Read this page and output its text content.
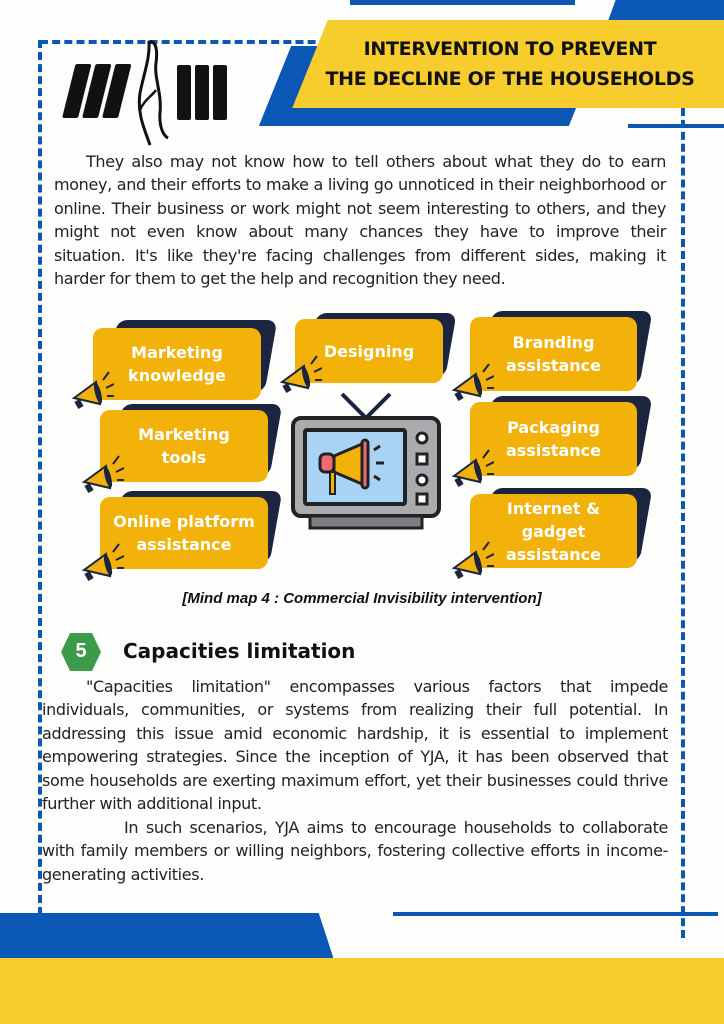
INTERVENTION TO PREVENT
THE DECLINE OF THE HOUSEHOLDS
They also may not know how to tell others about what they do to earn money, and their efforts to make a living go unnoticed in their neighborhood or online. Their business or work might not seem interesting to others, and they might not even know about many chances they have to improve their situation. It's like they're facing challenges from different sides, making it harder for them to get the help and recognition they need.
Marketing knowledge
Designing	Branding assistance
Marketing tools
Packaging assistance
Online platform assistance
Internet & gadget assistance
[Mind map 4 : Commercial Invisibility intervention]
5	Capacities limitation
"Capacities limitation" encompasses various factors that impede individuals, communities, or systems from realizing their full potential. In addressing this issue amid economic hardship, it is essential to implement empowering strategies. Since the inception of YJA, it has been observed that some households are exerting maximum effort, yet their businesses could thrive further with additional input.
In such scenarios, YJA aims to encourage households to collaborate with family members or willing neighbors, fostering collective efforts in income-generating activities.
